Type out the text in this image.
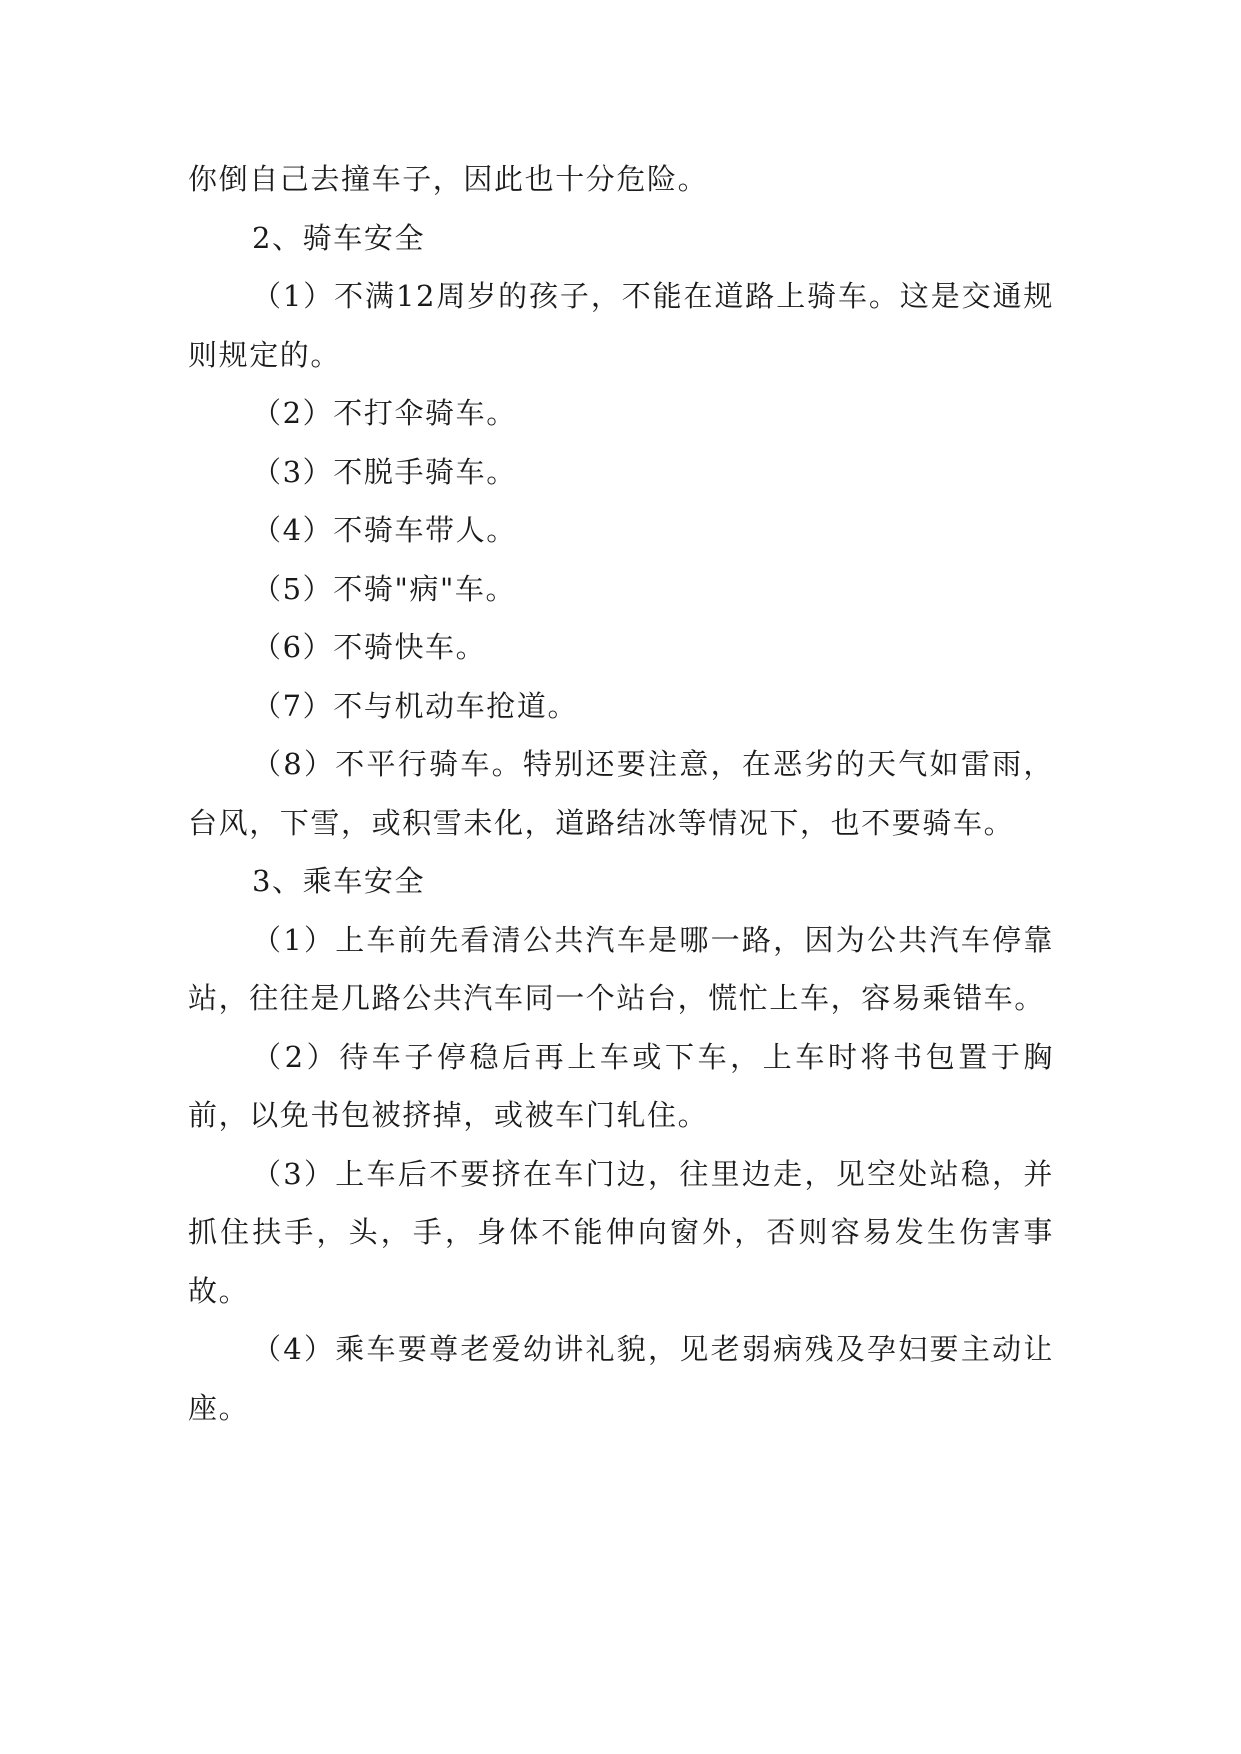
你倒自己去撞车子，因此也十分危险。

2、骑车安全

（1）不满12周岁的孩子，不能在道路上骑车。这是交通规则规定的。

（2）不打伞骑车。

（3）不脱手骑车。

（4）不骑车带人。

（5）不骑"病"车。

（6）不骑快车。

（7）不与机动车抢道。

（8）不平行骑车。特别还要注意，在恶劣的天气如雷雨，台风，下雪，或积雪未化，道路结冰等情况下，也不要骑车。

3、乘车安全

（1）上车前先看清公共汽车是哪一路，因为公共汽车停靠站，往往是几路公共汽车同一个站台，慌忙上车，容易乘错车。

（2）待车子停稳后再上车或下车，上车时将书包置于胸前，以免书包被挤掉，或被车门轧住。

（3）上车后不要挤在车门边，往里边走，见空处站稳，并抓住扶手，头，手，身体不能伸向窗外，否则容易发生伤害事故。

（4）乘车要尊老爱幼讲礼貌，见老弱病残及孕妇要主动让座。
